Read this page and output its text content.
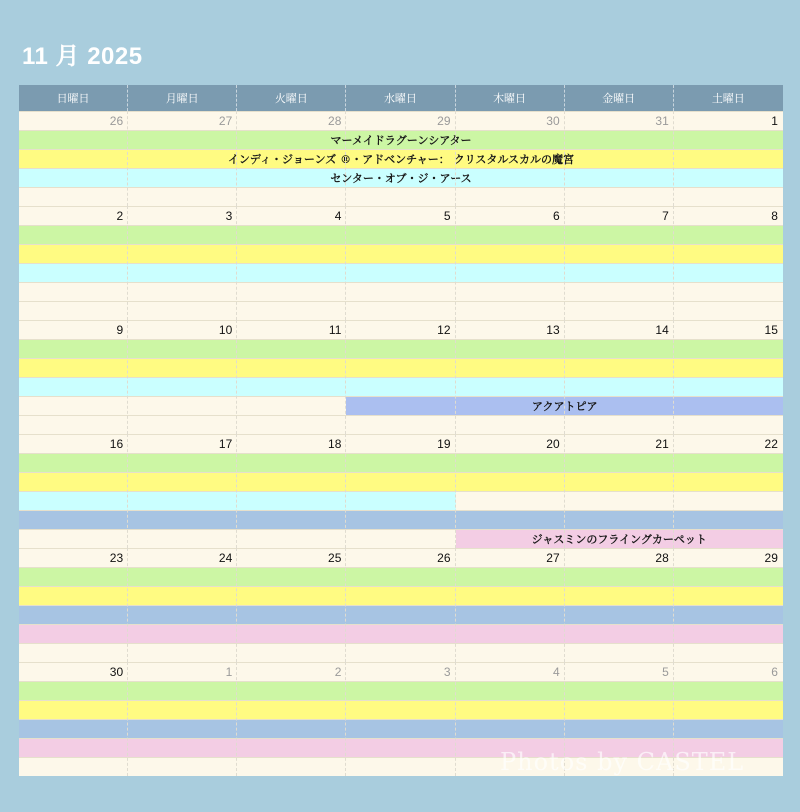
11 月 2025
日曜日	月曜日	火曜日	水曜日	木曜日	金曜日	土曜日
26	27	28	29	30	31	1
マーメイドラグーンシアター
インディ・ジョーンズ ®・アドベンチャー： クリスタルスカルの魔宮
センター・オブ・ジ・アース
2	3	4	5	6	7	8
9	10	11	12	13	14	15
アクアトピア
16	17	18	19	20	21	22
ジャスミンのフライングカーペット
23	24	25	26	27	28	29
30	1	2	3	4	5	6
Photos by CASTEL
